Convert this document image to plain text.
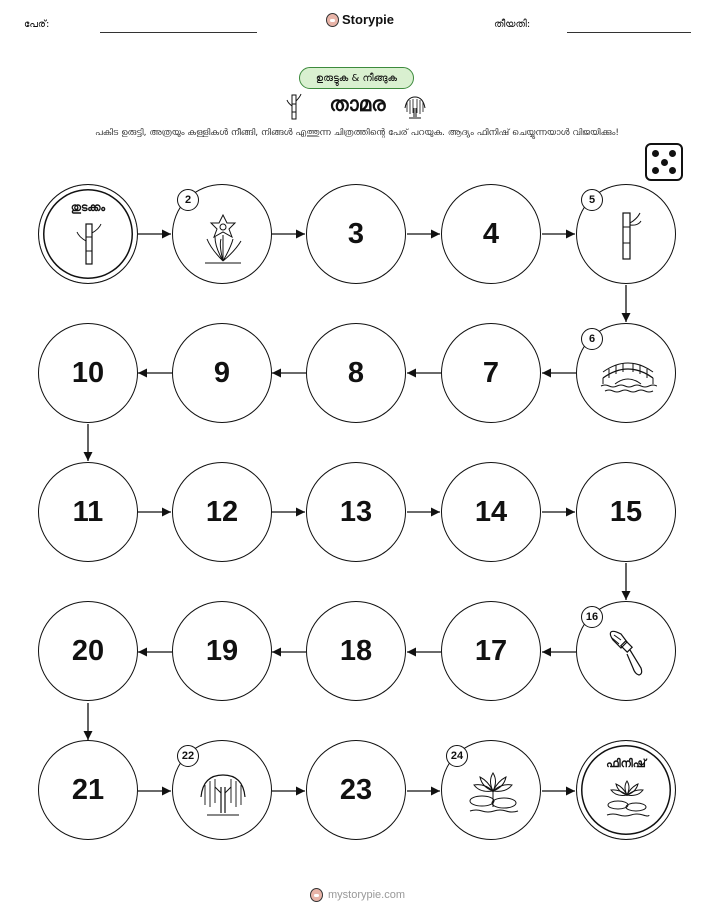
പേര്:	Storypie	തീയതി:
ഉരുട്ടുക & നീങ്ങുക
താമര
പകിട ഉരുട്ടി, അത്രയും കള്ളികൾ നീങ്ങി, നിങ്ങൾ എത്തുന്ന ചിത്രത്തിന്റെ പേര് പറയുക. ആദ്യം ഫിനിഷ് ചെയ്യുന്നയാൾ വിജയിക്കും!
തുടക്കം
2
3	4
5
10	9	8	7
6
11	12	13	14	15
20	19	18	17
16
21
22
23
24
ഫിനിഷ്
mystorypie.com
